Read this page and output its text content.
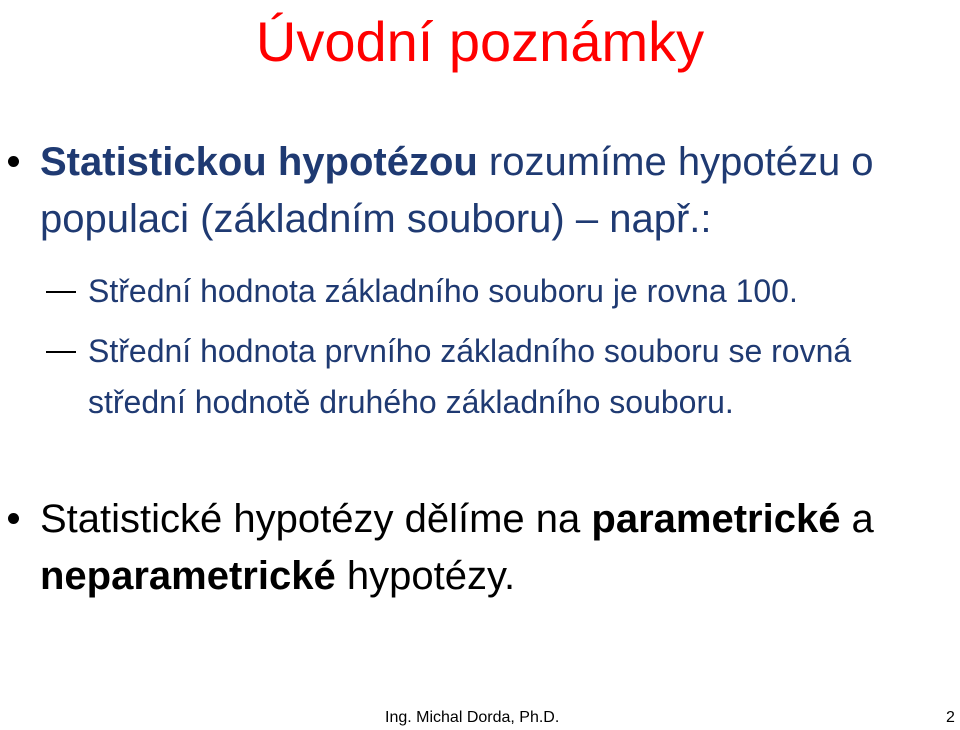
Úvodní poznámky
Statistickou hypotézou rozumíme hypotézu o populaci (základním souboru) – např.:
Střední hodnota základního souboru je rovna 100.
Střední hodnota prvního základního souboru se rovná střední hodnotě druhého základního souboru.
Statistické hypotézy dělíme na parametrické a neparametrické hypotézy.
Ing. Michal Dorda, Ph.D.	2
